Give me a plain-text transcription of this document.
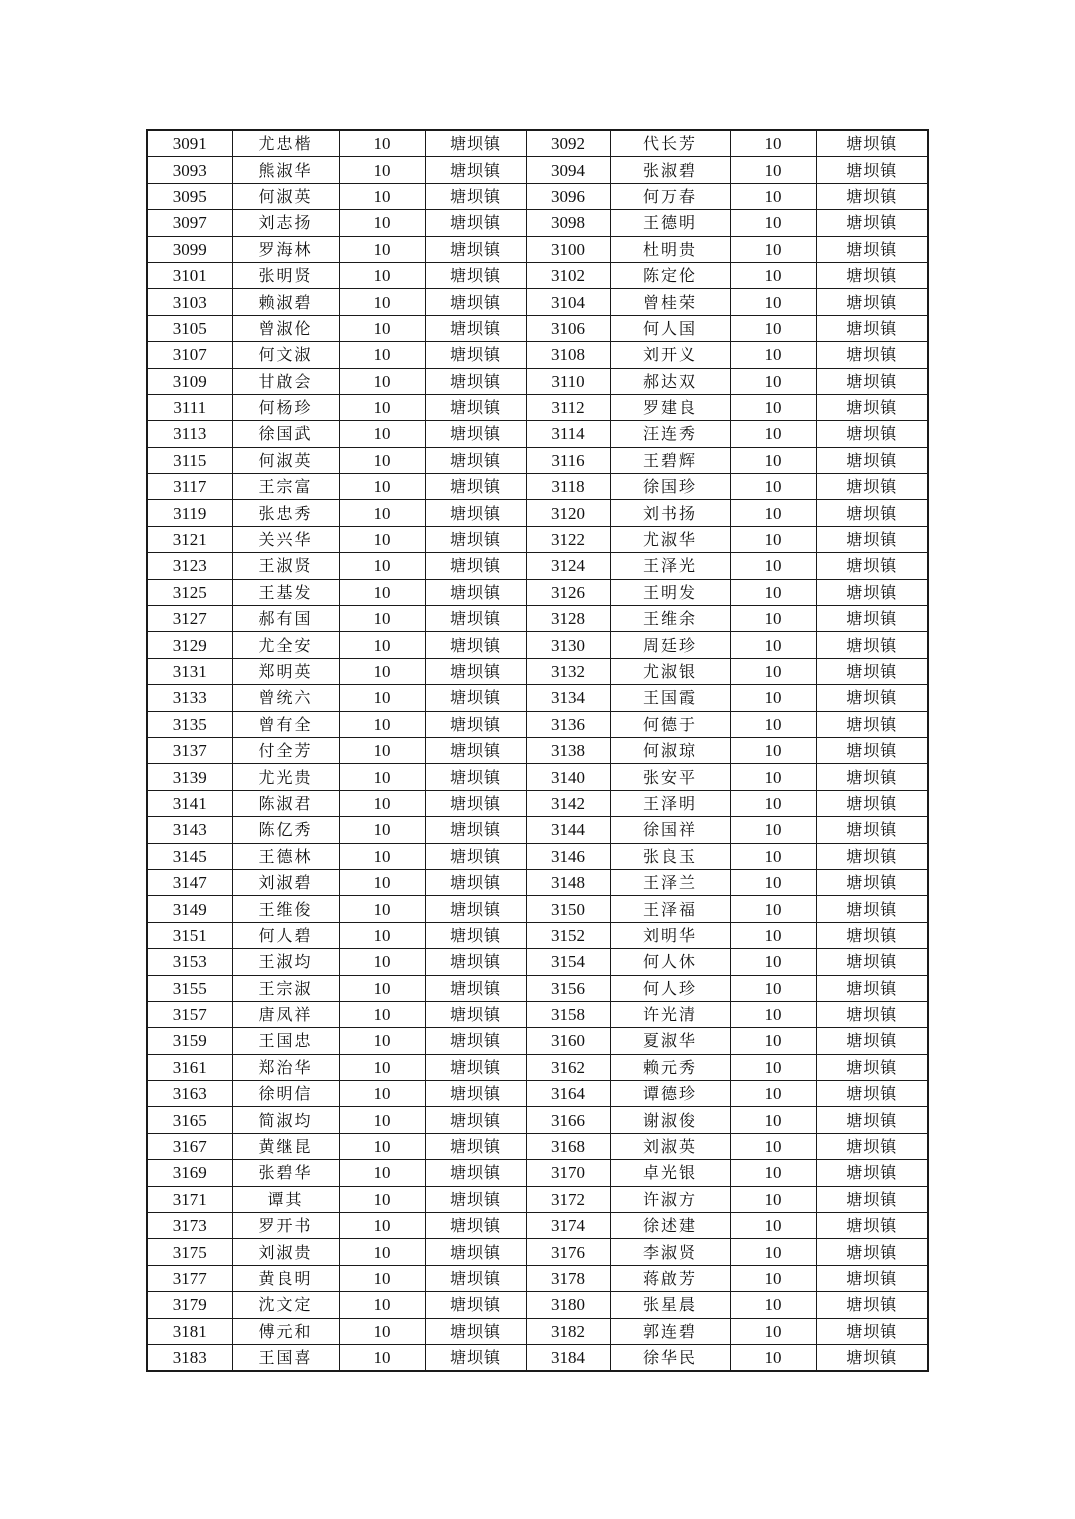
3091	尤忠楷	10	塘坝镇	3092	代长芳	10	塘坝镇
3093	熊淑华	10	塘坝镇	3094	张淑碧	10	塘坝镇
3095	何淑英	10	塘坝镇	3096	何万春	10	塘坝镇
3097	刘志扬	10	塘坝镇	3098	王德明	10	塘坝镇
3099	罗海林	10	塘坝镇	3100	杜明贵	10	塘坝镇
3101	张明贤	10	塘坝镇	3102	陈定伦	10	塘坝镇
3103	赖淑碧	10	塘坝镇	3104	曾桂荣	10	塘坝镇
3105	曾淑伦	10	塘坝镇	3106	何人国	10	塘坝镇
3107	何文淑	10	塘坝镇	3108	刘开义	10	塘坝镇
3109	甘啟会	10	塘坝镇	3110	郝达双	10	塘坝镇
3111	何杨珍	10	塘坝镇	3112	罗建良	10	塘坝镇
3113	徐国武	10	塘坝镇	3114	汪连秀	10	塘坝镇
3115	何淑英	10	塘坝镇	3116	王碧辉	10	塘坝镇
3117	王宗富	10	塘坝镇	3118	徐国珍	10	塘坝镇
3119	张忠秀	10	塘坝镇	3120	刘书扬	10	塘坝镇
3121	关兴华	10	塘坝镇	3122	尤淑华	10	塘坝镇
3123	王淑贤	10	塘坝镇	3124	王泽光	10	塘坝镇
3125	王基发	10	塘坝镇	3126	王明发	10	塘坝镇
3127	郝有国	10	塘坝镇	3128	王维余	10	塘坝镇
3129	尤全安	10	塘坝镇	3130	周廷珍	10	塘坝镇
3131	郑明英	10	塘坝镇	3132	尤淑银	10	塘坝镇
3133	曾统六	10	塘坝镇	3134	王国霞	10	塘坝镇
3135	曾有全	10	塘坝镇	3136	何德于	10	塘坝镇
3137	付全芳	10	塘坝镇	3138	何淑琼	10	塘坝镇
3139	尤光贵	10	塘坝镇	3140	张安平	10	塘坝镇
3141	陈淑君	10	塘坝镇	3142	王泽明	10	塘坝镇
3143	陈亿秀	10	塘坝镇	3144	徐国祥	10	塘坝镇
3145	王德林	10	塘坝镇	3146	张良玉	10	塘坝镇
3147	刘淑碧	10	塘坝镇	3148	王泽兰	10	塘坝镇
3149	王维俊	10	塘坝镇	3150	王泽福	10	塘坝镇
3151	何人碧	10	塘坝镇	3152	刘明华	10	塘坝镇
3153	王淑均	10	塘坝镇	3154	何人休	10	塘坝镇
3155	王宗淑	10	塘坝镇	3156	何人珍	10	塘坝镇
3157	唐凤祥	10	塘坝镇	3158	许光清	10	塘坝镇
3159	王国忠	10	塘坝镇	3160	夏淑华	10	塘坝镇
3161	郑治华	10	塘坝镇	3162	赖元秀	10	塘坝镇
3163	徐明信	10	塘坝镇	3164	谭德珍	10	塘坝镇
3165	简淑均	10	塘坝镇	3166	谢淑俊	10	塘坝镇
3167	黄继昆	10	塘坝镇	3168	刘淑英	10	塘坝镇
3169	张碧华	10	塘坝镇	3170	卓光银	10	塘坝镇
3171	谭其	10	塘坝镇	3172	许淑方	10	塘坝镇
3173	罗开书	10	塘坝镇	3174	徐述建	10	塘坝镇
3175	刘淑贵	10	塘坝镇	3176	李淑贤	10	塘坝镇
3177	黄良明	10	塘坝镇	3178	蒋啟芳	10	塘坝镇
3179	沈文定	10	塘坝镇	3180	张星晨	10	塘坝镇
3181	傅元和	10	塘坝镇	3182	郭连碧	10	塘坝镇
3183	王国喜	10	塘坝镇	3184	徐华民	10	塘坝镇
